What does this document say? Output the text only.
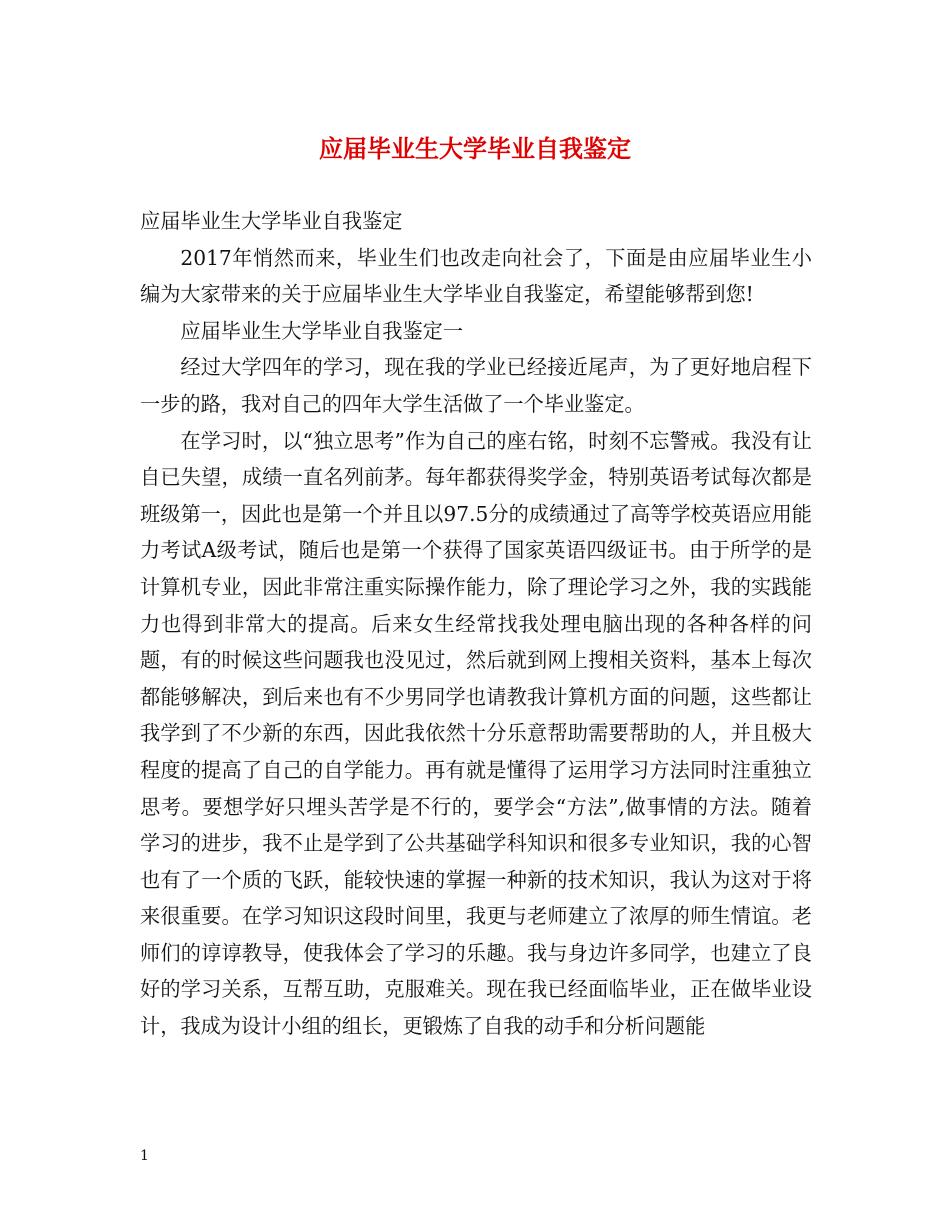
应届毕业生大学毕业自我鉴定

应届毕业生大学毕业自我鉴定

2017年悄然而来，毕业生们也改走向社会了，下面是由应届毕业生小编为大家带来的关于应届毕业生大学毕业自我鉴定，希望能够帮到您!

应届毕业生大学毕业自我鉴定一

经过大学四年的学习，现在我的学业已经接近尾声，为了更好地启程下一步的路，我对自己的四年大学生活做了一个毕业鉴定。

在学习时，以“独立思考”作为自己的座右铭，时刻不忘警戒。我没有让自已失望，成绩一直名列前茅。每年都获得奖学金，特别英语考试每次都是班级第一，因此也是第一个并且以97.5分的成绩通过了高等学校英语应用能力考试A级考试，随后也是第一个获得了国家英语四级证书。由于所学的是计算机专业，因此非常注重实际操作能力，除了理论学习之外，我的实践能力也得到非常大的提高。后来女生经常找我处理电脑出现的各种各样的问题，有的时候这些问题我也没见过，然后就到网上搜相关资料，基本上每次都能够解决，到后来也有不少男同学也请教我计算机方面的问题，这些都让我学到了不少新的东西，因此我依然十分乐意帮助需要帮助的人，并且极大程度的提高了自己的自学能力。再有就是懂得了运用学习方法同时注重独立思考。要想学好只埋头苦学是不行的，要学会“方法”,做事情的方法。随着学习的进步，我不止是学到了公共基础学科知识和很多专业知识，我的心智也有了一个质的飞跃，能较快速的掌握一种新的技术知识，我认为这对于将来很重要。在学习知识这段时间里，我更与老师建立了浓厚的师生情谊。老师们的谆谆教导，使我体会了学习的乐趣。我与身边许多同学，也建立了良好的学习关系，互帮互助，克服难关。现在我已经面临毕业，正在做毕业设计，我成为设计小组的组长，更锻炼了自我的动手和分析问题能

1
